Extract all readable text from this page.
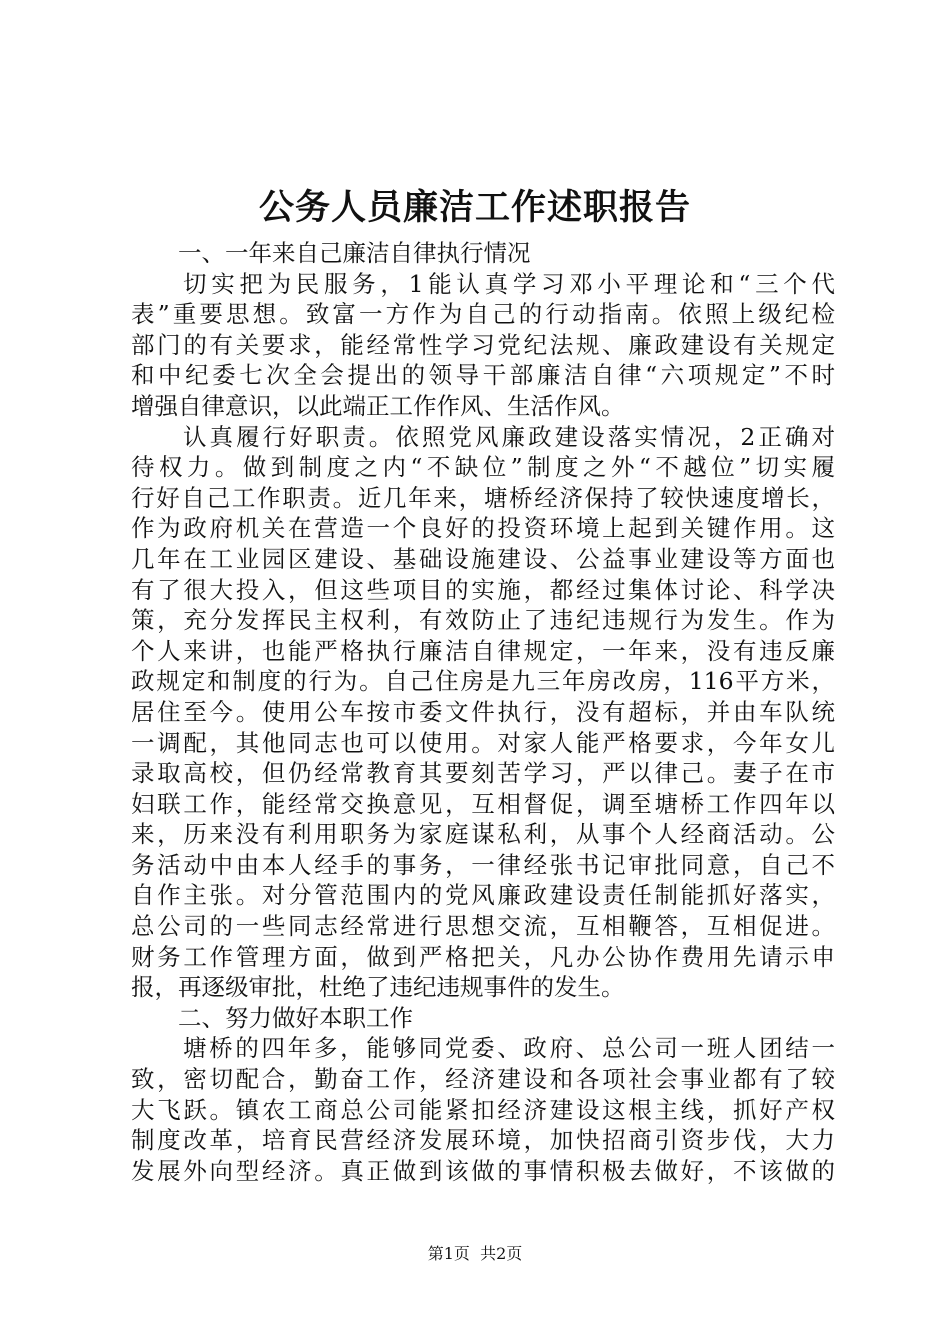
公务人员廉洁工作述职报告
一、一年来自己廉洁自律执行情况
切实把为民服务，1能认真学习邓小平理论和“三个代
表”重要思想。致富一方作为自己的行动指南。依照上级纪检
部门的有关要求，能经常性学习党纪法规、廉政建设有关规定
和中纪委七次全会提出的领导干部廉洁自律“六项规定”不时
增强自律意识，以此端正工作作风、生活作风。
认真履行好职责。依照党风廉政建设落实情况，2正确对
待权力。做到制度之内“不缺位”制度之外“不越位”切实履
行好自己工作职责。近几年来，塘桥经济保持了较快速度增长，
作为政府机关在营造一个良好的投资环境上起到关键作用。这
几年在工业园区建设、基础设施建设、公益事业建设等方面也
有了很大投入，但这些项目的实施，都经过集体讨论、科学决
策，充分发挥民主权利，有效防止了违纪违规行为发生。作为
个人来讲，也能严格执行廉洁自律规定，一年来，没有违反廉
政规定和制度的行为。自己住房是九三年房改房，116平方米，
居住至今。使用公车按市委文件执行，没有超标，并由车队统
一调配，其他同志也可以使用。对家人能严格要求，今年女儿
录取高校，但仍经常教育其要刻苦学习，严以律己。妻子在市
妇联工作，能经常交换意见，互相督促，调至塘桥工作四年以
来，历来没有利用职务为家庭谋私利，从事个人经商活动。公
务活动中由本人经手的事务，一律经张书记审批同意，自己不
自作主张。对分管范围内的党风廉政建设责任制能抓好落实，
总公司的一些同志经常进行思想交流，互相鞭答，互相促进。
财务工作管理方面，做到严格把关，凡办公协作费用先请示申
报，再逐级审批，杜绝了违纪违规事件的发生。
二、努力做好本职工作
塘桥的四年多，能够同党委、政府、总公司一班人团结一
致，密切配合，勤奋工作，经济建设和各项社会事业都有了较
大飞跃。镇农工商总公司能紧扣经济建设这根主线，抓好产权
制度改革，培育民营经济发展环境，加快招商引资步伐，大力
发展外向型经济。真正做到该做的事情积极去做好，不该做的
第1页  共2页
